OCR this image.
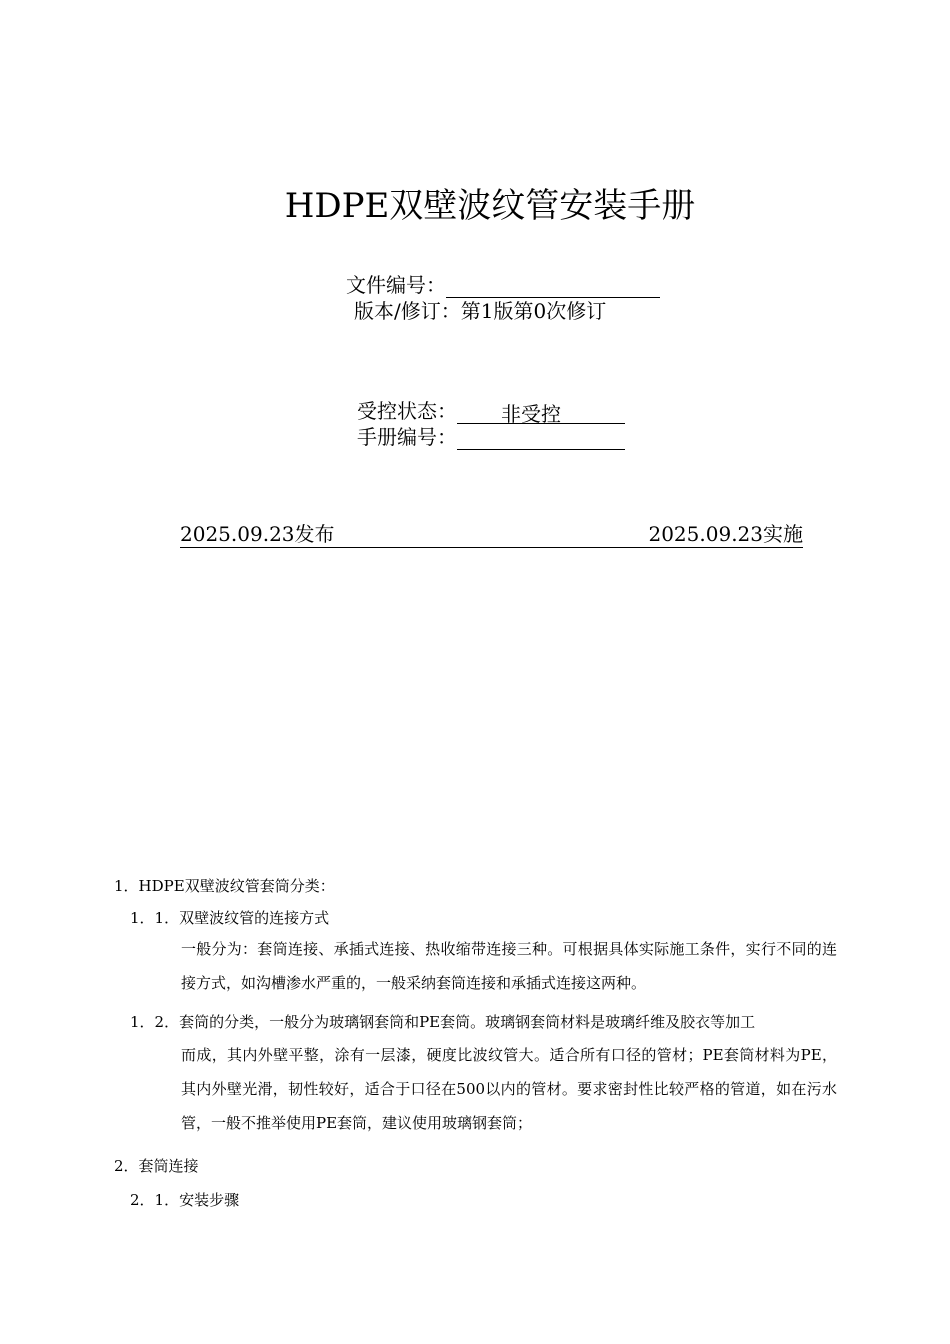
HDPE双壁波纹管安装手册
文件编号：
版本/修订：第1版第0次修订
受控状态： 非受控
手册编号：
2025.09.23发布	2025.09.23实施
1．HDPE双壁波纹管套筒分类：
1．1．双壁波纹管的连接方式
一般分为：套筒连接、承插式连接、热收缩带连接三种。可根据具体实际施工条件，实行不同的连接方式，如沟槽渗水严重的，一般采纳套筒连接和承插式连接这两种。
1．2．套筒的分类，一般分为玻璃钢套筒和PE套筒。玻璃钢套筒材料是玻璃纤维及胶衣等加工
而成，其内外壁平整，涂有一层漆，硬度比波纹管大。适合所有口径的管材；PE套筒材料为PE，其内外壁光滑，韧性较好，适合于口径在500以内的管材。要求密封性比较严格的管道，如在污水管，一般不推举使用PE套筒，建议使用玻璃钢套筒；
2．套筒连接
2．1．安装步骤
